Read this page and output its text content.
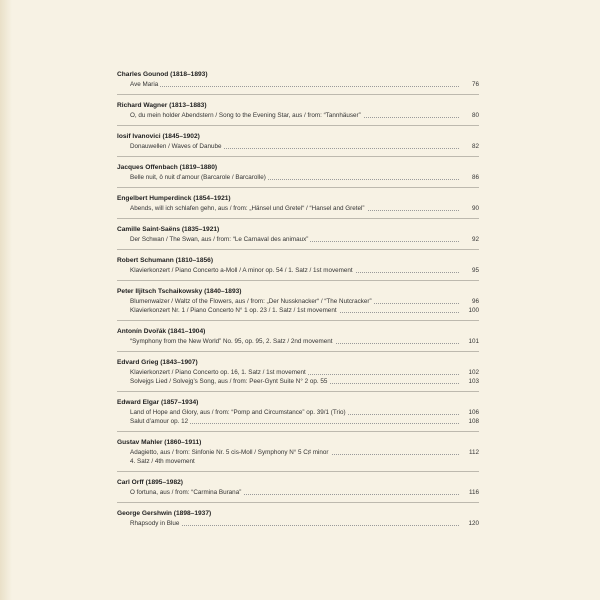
Charles Gounod (1818–1893)
Ave Maria	76
Richard Wagner (1813–1883)
O, du mein holder Abendstern / Song to the Evening Star, aus / from: “Tannhäuser”	80
Iosif Ivanovici (1845–1902)
Donauwellen / Waves of Danube	82
Jacques Offenbach (1819–1880)
Belle nuit, ô nuit d’amour (Barcarole / Barcarolle)	86
Engelbert Humperdinck (1854–1921)
Abends, will ich schlafen gehn, aus / from: „Hänsel und Gretel“ / “Hansel and Gretel”	90
Camille Saint-Saëns (1835–1921)
Der Schwan / The Swan, aus / from: “Le Carnaval des animaux”	92
Robert Schumann (1810–1856)
Klavierkonzert / Piano Concerto a-Moll / A minor op. 54 / 1. Satz / 1st movement	95
Peter Iljitsch Tschaikowsky (1840–1893)
Blumenwalzer / Waltz of the Flowers, aus / from: „Der Nussknacker“ / “The Nutcracker”	96
Klavierkonzert Nr. 1 / Piano Concerto N° 1 op. 23 / 1. Satz / 1st movement	100
Antonín Dvořák (1841–1904)
“Symphony from the New World” No. 95, op. 95, 2. Satz / 2nd movement	101
Edvard Grieg (1843–1907)
Klavierkonzert / Piano Concerto op. 16, 1. Satz / 1st movement	102
Solvejgs Lied / Solvejg’s Song, aus / from: Peer-Gynt Suite N° 2 op. 55	103
Edward Elgar (1857–1934)
Land of Hope and Glory, aus / from: “Pomp and Circumstance” op. 39/1 (Trio)	106
Salut d’amour op. 12	108
Gustav Mahler (1860–1911)
Adagietto, aus / from: Sinfonie Nr. 5 cis-Moll / Symphony N° 5 C♯ minor	112
4. Satz / 4th movement
Carl Orff (1895–1982)
O fortuna, aus / from: “Carmina Burana”	116
George Gershwin (1898–1937)
Rhapsody in Blue	120
